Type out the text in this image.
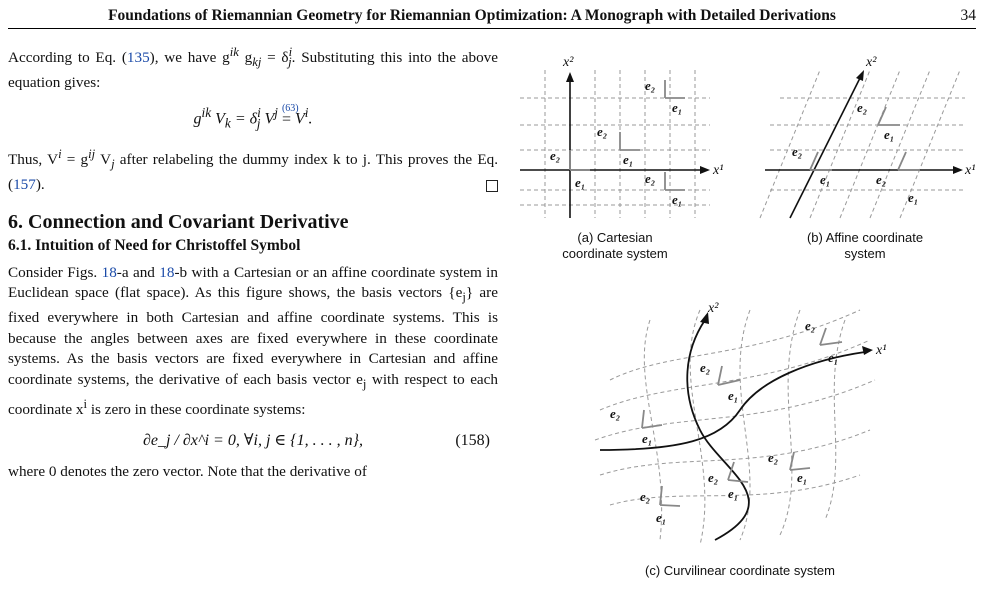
Foundations of Riemannian Geometry for Riemannian Optimization: A Monograph with Detailed Derivations	34

According to Eq. (135), we have $g^{ik}$ $g_{kj} = \delta^i_j$. Substituting this into the above equation gives:

$g^{ik}$ $V_k = \delta^i_j$ $V^j$ (63)
= $V^i$.

Thus, $V^i = g^{ij}$ $V_j$ after relabeling the dummy index k to j. This proves the Eq. (157).

6. Connection and Covariant Derivative
6.1. Intuition of Need for Christoffel Symbol

Consider Figs. 18-a and 18-b with a Cartesian or an affine coordinate system in Euclidean space (flat space). As this figure shows, the basis vectors $\{e_j\}$ are fixed everywhere in both Cartesian and affine coordinate systems. This is because the angles between axes are fixed everywhere in these coordinate systems. As the basis vectors are fixed everywhere in Cartesian and affine coordinate systems, the derivative of each basis vector $e_j$ with respect to each coordinate $x^i$ is zero in these coordinate systems:

∂e_j / ∂x^i = 0, ∀i, j ∈ {1, . . . , n},	(158)

where 0 denotes the zero vector. Note that the derivative of

x¹
x²
e₂
e₁
e₂
e₁
e₂
e₁
e₂
e₁
(a) Cartesian
coordinate system
x¹
x²
e₂
e₁
e₂
e₁
e₂
e₁
(b) Affine coordinate
system
x¹
x²
e₂
e₁
e₂
e₁
e₂
e₁
e₂
e₁
e₂
e₁
e₂
e₁
(c) Curvilinear coordinate system
